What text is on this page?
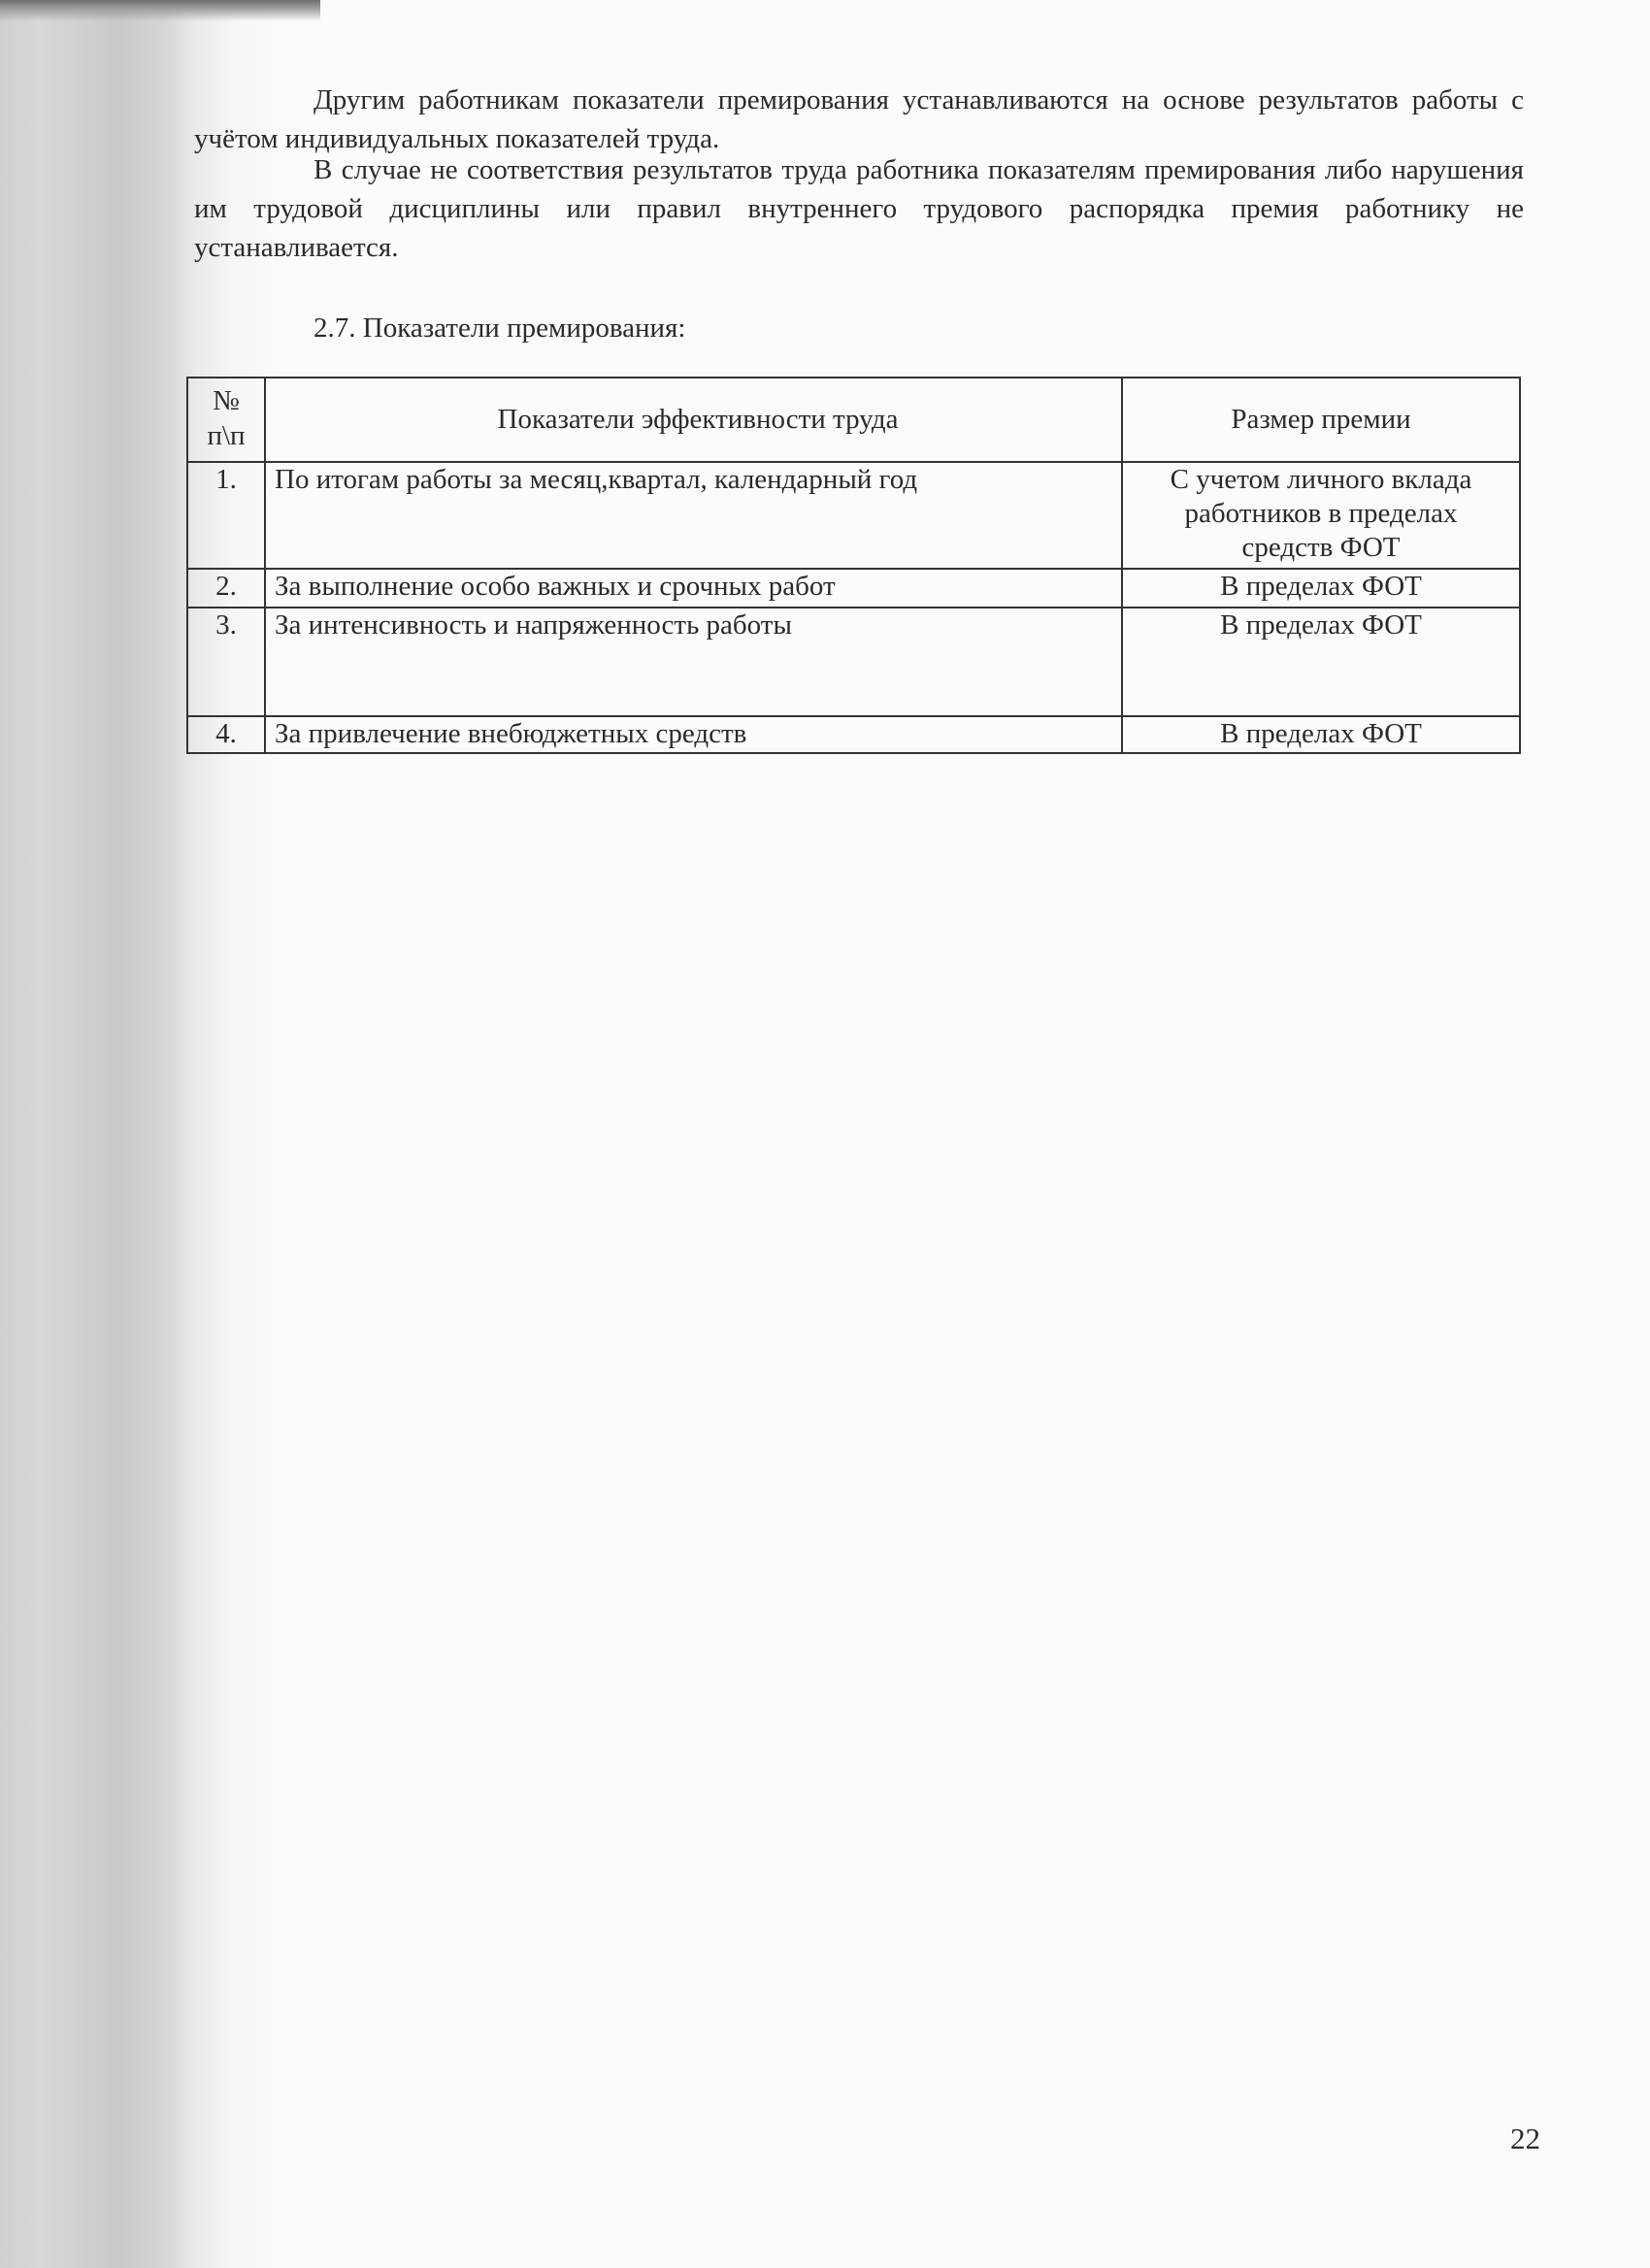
Другим работникам показатели премирования устанавливаются на основе результатов работы с учётом индивидуальных показателей труда.

В случае не соответствия результатов труда работника показателям премирования либо нарушения им трудовой дисциплины или правил внутреннего трудового распорядка премия работнику не устанавливается.

2.7. Показатели премирования:

№
п\п	Показатели эффективности труда	Размер премии
1.	По итогам работы за месяц,квартал, календарный год	С учетом личного вклада
работников в пределах
средств ФОТ

2.	За выполнение особо важных и срочных работ	В пределах ФОТ
3.	За интенсивность и напряженность работы	В пределах ФОТ
4.	За привлечение внебюджетных средств	В пределах ФОТ
22
